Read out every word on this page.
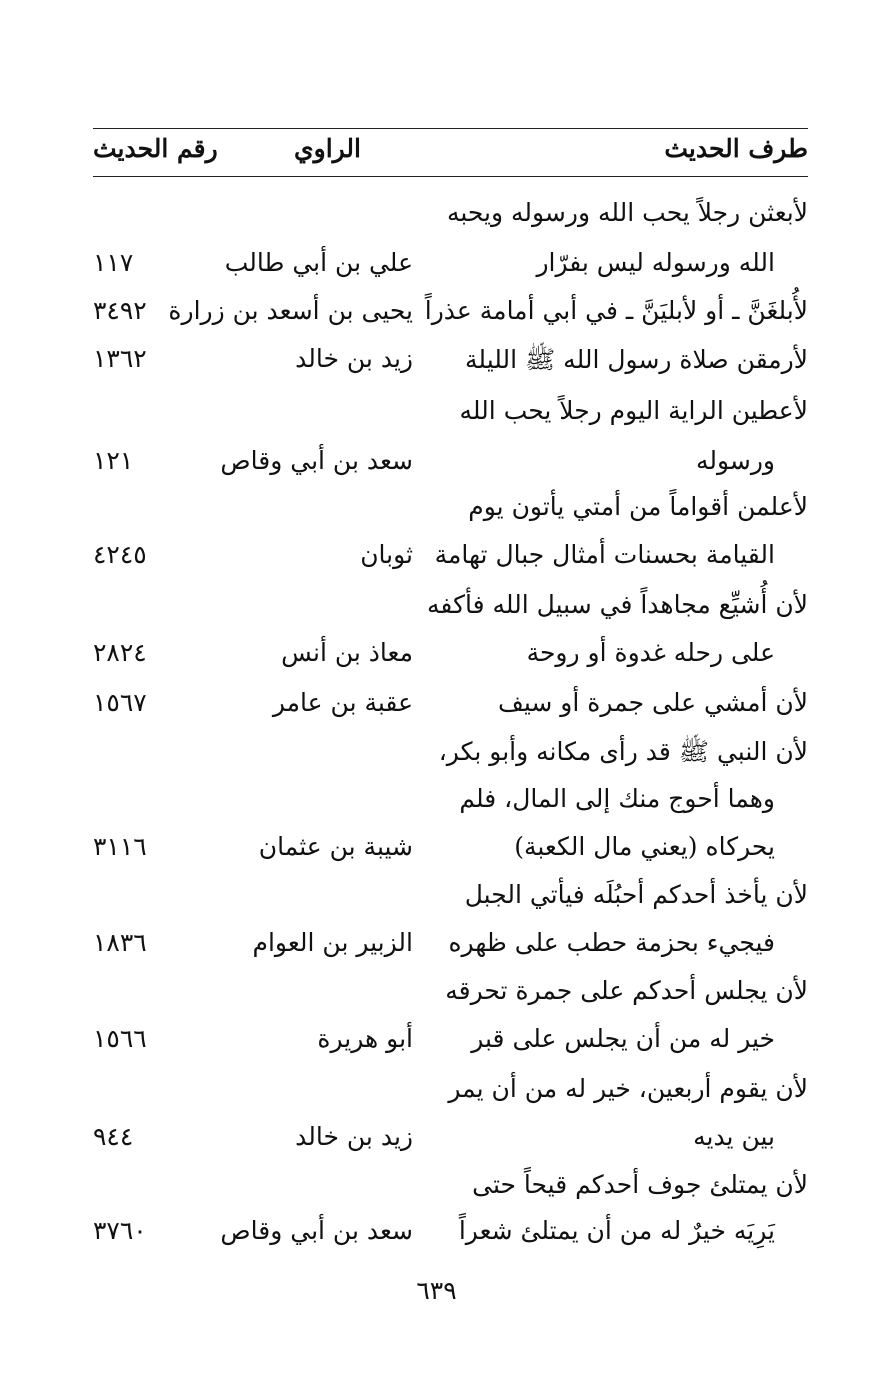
طرف الحديث
الراوي
رقم الحديث
لأبعثن رجلاً يحب الله ورسوله ويحبه
الله ورسوله ليس بفرّار
علي بن أبي طالب
١١٧
لأُبلغَنَّ ـ أو لأبليَنَّ ـ في أبي أمامة عذراً
يحيى بن أسعد بن زرارة
٣٤٩٢
لأرمقن صلاة رسول الله ﷺ الليلة
زيد بن خالد
١٣٦٢
لأعطين الراية اليوم رجلاً يحب الله
ورسوله
سعد بن أبي وقاص
١٢١
لأعلمن أقواماً من أمتي يأتون يوم
القيامة بحسنات أمثال جبال تهامة
ثوبان
٤٢٤٥
لأن أُشيِّع مجاهداً في سبيل الله فأكفه
على رحله غدوة أو روحة
معاذ بن أنس
٢٨٢٤
لأن أمشي على جمرة أو سيف
عقبة بن عامر
١٥٦٧
لأن النبي ﷺ قد رأى مكانه وأبو بكر،
وهما أحوج منك إلى المال، فلم
يحركاه (يعني مال الكعبة)
شيبة بن عثمان
٣١١٦
لأن يأخذ أحدكم أحبُلَه فيأتي الجبل
فيجيء بحزمة حطب على ظهره
الزبير بن العوام
١٨٣٦
لأن يجلس أحدكم على جمرة تحرقه
خير له من أن يجلس على قبر
أبو هريرة
١٥٦٦
لأن يقوم أربعين، خير له من أن يمر
بين يديه
زيد بن خالد
٩٤٤
لأن يمتلئ جوف أحدكم قيحاً حتى
يَرِيَه خيرٌ له من أن يمتلئ شعراً
سعد بن أبي وقاص
٣٧٦٠
٦٣٩
